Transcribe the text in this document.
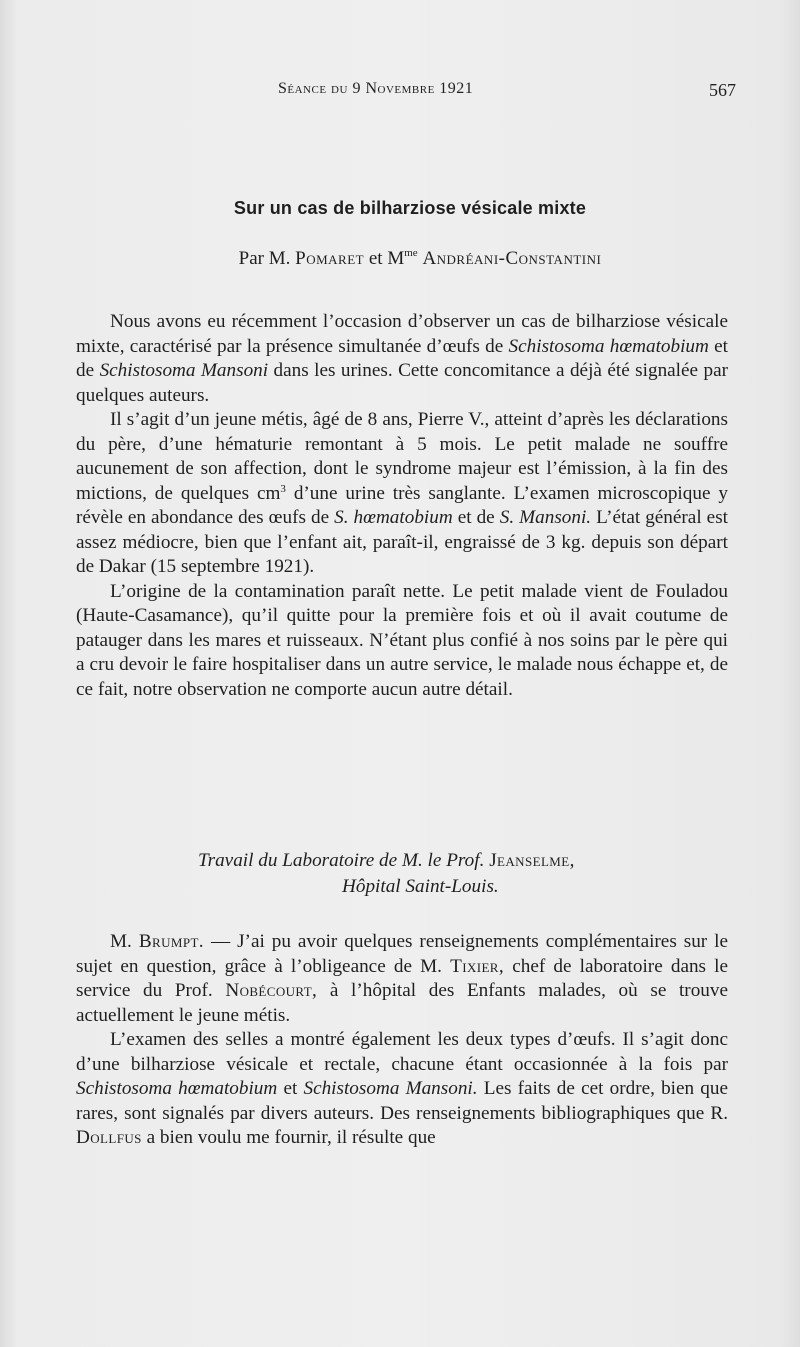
Séance du 9 Novembre 1921	567
Sur un cas de bilharziose vésicale mixte
Par M. Pomaret et $M^{me}$ Andréani-Constantini

Nous avons eu récemment l’occasion d’observer un cas de bilharziose vésicale mixte, caractérisé par la présence simultanée d’œufs de Schistosoma hœmatobium et de Schistosoma Mansoni dans les urines. Cette concomitance a déjà été signalée par quelques auteurs.

Il s’agit d’un jeune métis, âgé de 8 ans, Pierre V., atteint d’après les déclarations du père, d’une hématurie remontant à 5 mois. Le petit malade ne souffre aucunement de son affection, dont le syndrome majeur est l’émission, à la fin des mictions, de quelques $cm^3$ d’une urine très sanglante. L’examen microscopique y révèle en abondance des œufs de S. hœmatobium et de S. Mansoni. L’état général est assez médiocre, bien que l’enfant ait, paraît-il, engraissé de 3 kg. depuis son départ de Dakar (15 septembre 1921).

L’origine de la contamination paraît nette. Le petit malade vient de Fouladou (Haute-Casamance), qu’il quitte pour la première fois et où il avait coutume de patauger dans les mares et ruisseaux. N’étant plus confié à nos soins par le père qui a cru devoir le faire hospitaliser dans un autre service, le malade nous échappe et, de ce fait, notre observation ne comporte aucun autre détail.

Travail du Laboratoire de M. le Prof. Jeanselme,
Hôpital Saint-Louis.

M. Brumpt. — J’ai pu avoir quelques renseignements complémentaires sur le sujet en question, grâce à l’obligeance de M. Tixier, chef de laboratoire dans le service du Prof. Nobécourt, à l’hôpital des Enfants malades, où se trouve actuellement le jeune métis.

L’examen des selles a montré également les deux types d’œufs. Il s’agit donc d’une bilharziose vésicale et rectale, chacune étant occasionnée à la fois par Schistosoma hœmatobium et Schistosoma Mansoni. Les faits de cet ordre, bien que rares, sont signalés par divers auteurs. Des renseignements bibliographiques que R. Dollfus a bien voulu me fournir, il résulte que
